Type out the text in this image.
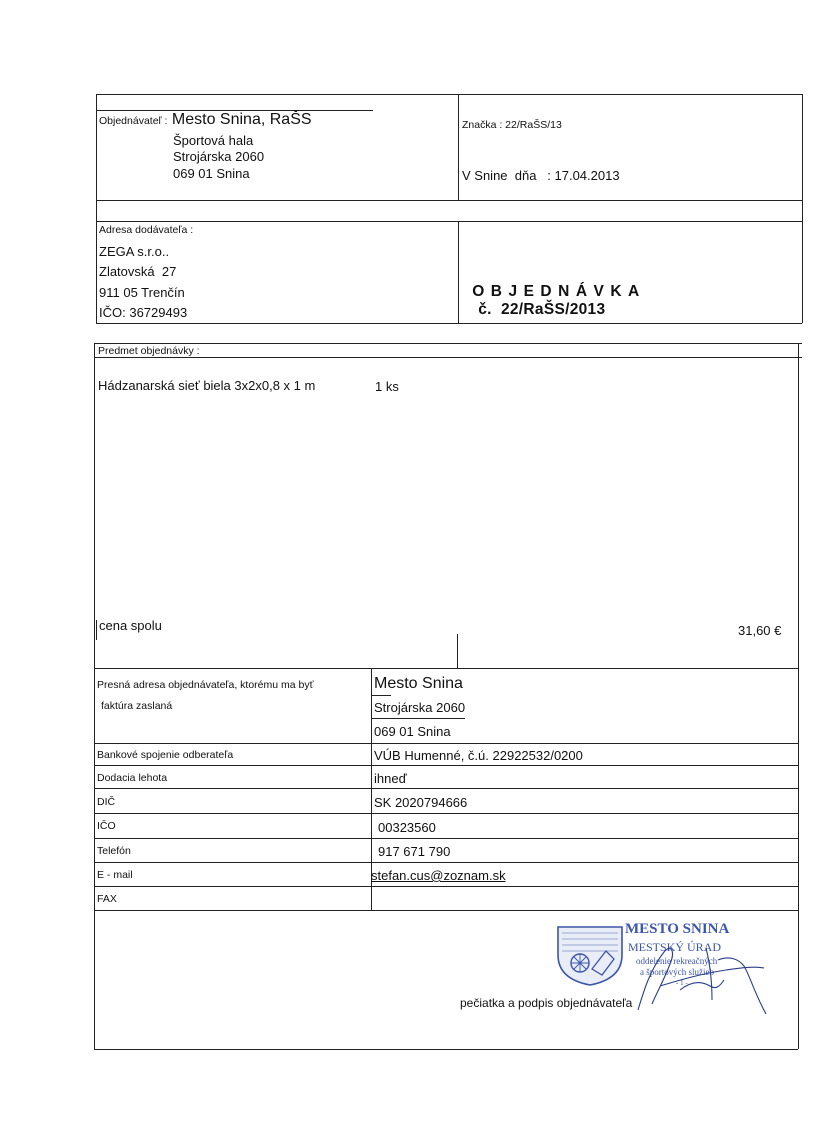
Objednávateľ : Mesto Snina, RaŠS
Športová hala
Strojárska 2060
069 01 Snina
Značka : 22/RaŠS/13
V Snine  dňa   : 17.04.2013
Adresa dodávateľa :
ZEGA s.r.o..
Zlatovská  27
911 05 Trenčín
IČO: 36729493

OBJEDNÁVKA
č.  22/RaŠS/2013

Predmet objednávky :
Hádzanarská sieť biela 3x2x0,8 x 1 m	1 ks
cena spolu	31,60 €
Presná adresa objednávateľa, ktorému ma byť
faktúra zaslaná
Mesto Snina
Strojárska 2060
069 01 Snina
Bankové spojenie odberateľa	VÚB Humenné, č.ú. 22922532/0200
Dodacia lehota	ihneď
DIČ	SK 2020794666
IČO	00323560
Telefón	917 671 790
E - mail	stefan.cus@zoznam.sk
FAX
MESTO SNINA
MESTSKÝ ÚRAD
oddelenie rekreačných
a športových služieb
- 1 -
pečiatka a podpis objednávateľa
